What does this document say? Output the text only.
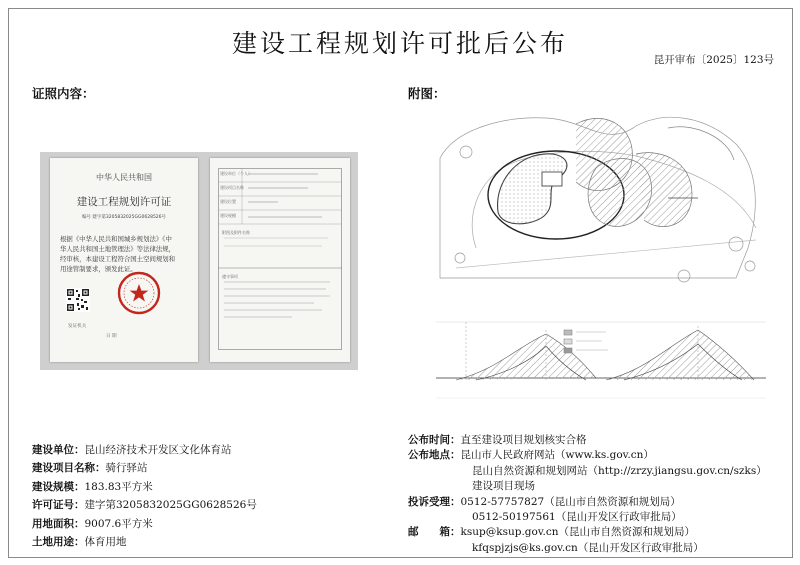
建设工程规划许可批后公布
昆开审布〔2025〕123号
证照内容：	附图：
中华人民共和国
建设工程规划许可证
编号 建字第3205832025GG0628526号
根据《中华人民共和国城乡规划法》《中
华人民共和国土地管理法》等法律法规，
经审核，本建设工程符合国土空间规划和
用途管制要求，颁发此证。
发证机关
日 期
建设单位（个人）
建设项目名称
建设位置
建设规模
附图及附件名称
遵守事项
建设单位：昆山经济技术开发区文化体育站
建设项目名称：骑行驿站
建设规模：183.83平方米
许可证号：建字第3205832025GG0628526号
用地面积：9007.6平方米
土地用途：体育用地
公布时间：直至建设项目规划核实合格
公布地点：昆山市人民政府网站（www.ks.gov.cn）
昆山自然资源和规划网站（http://zrzy.jiangsu.gov.cn/szks）
建设项目现场
投诉受理：0512-57757827（昆山市自然资源和规划局）
0512-50197561（昆山开发区行政审批局）
邮　　箱：ksup@ksup.gov.cn（昆山市自然资源和规划局）
kfqspjzjs@ks.gov.cn（昆山开发区行政审批局）
